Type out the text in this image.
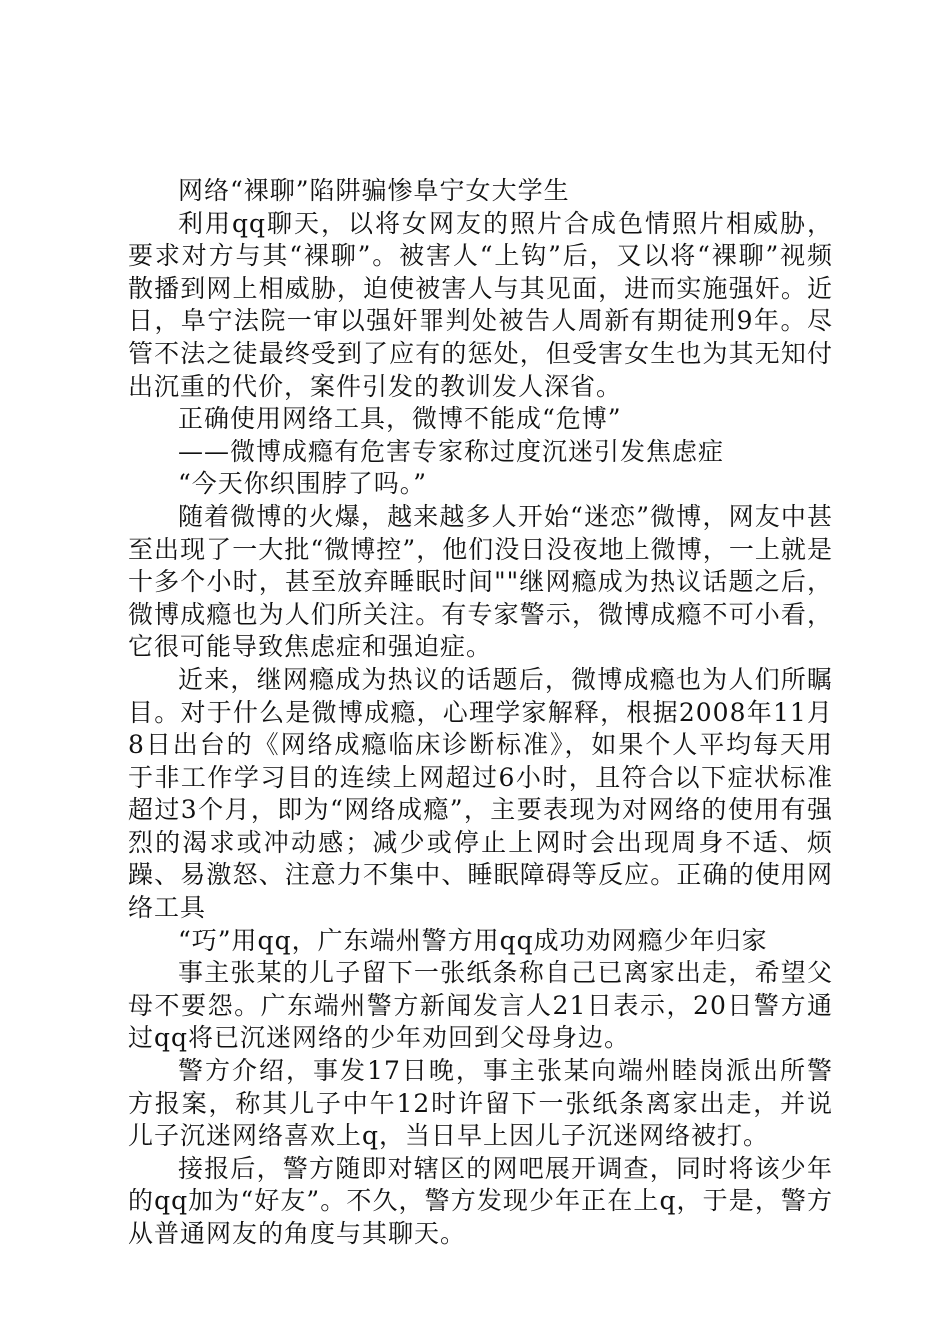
网络“裸聊”陷阱骗惨阜宁女大学生

利用qq聊天，以将女网友的照片合成色情照片相威胁，要求对方与其“裸聊”。被害人“上钩”后，又以将“裸聊”视频散播到网上相威胁，迫使被害人与其见面，进而实施强奸。近日，阜宁法院一审以强奸罪判处被告人周新有期徒刑9年。尽管不法之徒最终受到了应有的惩处，但受害女生也为其无知付出沉重的代价，案件引发的教训发人深省。

正确使用网络工具，微博不能成“危博”

——微博成瘾有危害专家称过度沉迷引发焦虑症

“今天你织围脖了吗。”

随着微博的火爆，越来越多人开始“迷恋”微博，网友中甚至出现了一大批“微博控”，他们没日没夜地上微博，一上就是十多个小时，甚至放弃睡眠时间""继网瘾成为热议话题之后，微博成瘾也为人们所关注。有专家警示，微博成瘾不可小看，它很可能导致焦虑症和强迫症。

近来，继网瘾成为热议的话题后，微博成瘾也为人们所瞩目。对于什么是微博成瘾，心理学家解释，根据2008年11月8日出台的《网络成瘾临床诊断标准》，如果个人平均每天用于非工作学习目的连续上网超过6小时，且符合以下症状标准超过3个月，即为“网络成瘾”，主要表现为对网络的使用有强烈的渴求或冲动感；减少或停止上网时会出现周身不适、烦躁、易激怒、注意力不集中、睡眠障碍等反应。正确的使用网络工具

“巧”用qq，广东端州警方用qq成功劝网瘾少年归家

事主张某的儿子留下一张纸条称自己已离家出走，希望父母不要怨。广东端州警方新闻发言人21日表示，20日警方通过qq将已沉迷网络的少年劝回到父母身边。

警方介绍，事发17日晚，事主张某向端州睦岗派出所警方报案，称其儿子中午12时许留下一张纸条离家出走，并说儿子沉迷网络喜欢上q，当日早上因儿子沉迷网络被打。

接报后，警方随即对辖区的网吧展开调查，同时将该少年的qq加为“好友”。不久，警方发现少年正在上q，于是，警方从普通网友的角度与其聊天。
